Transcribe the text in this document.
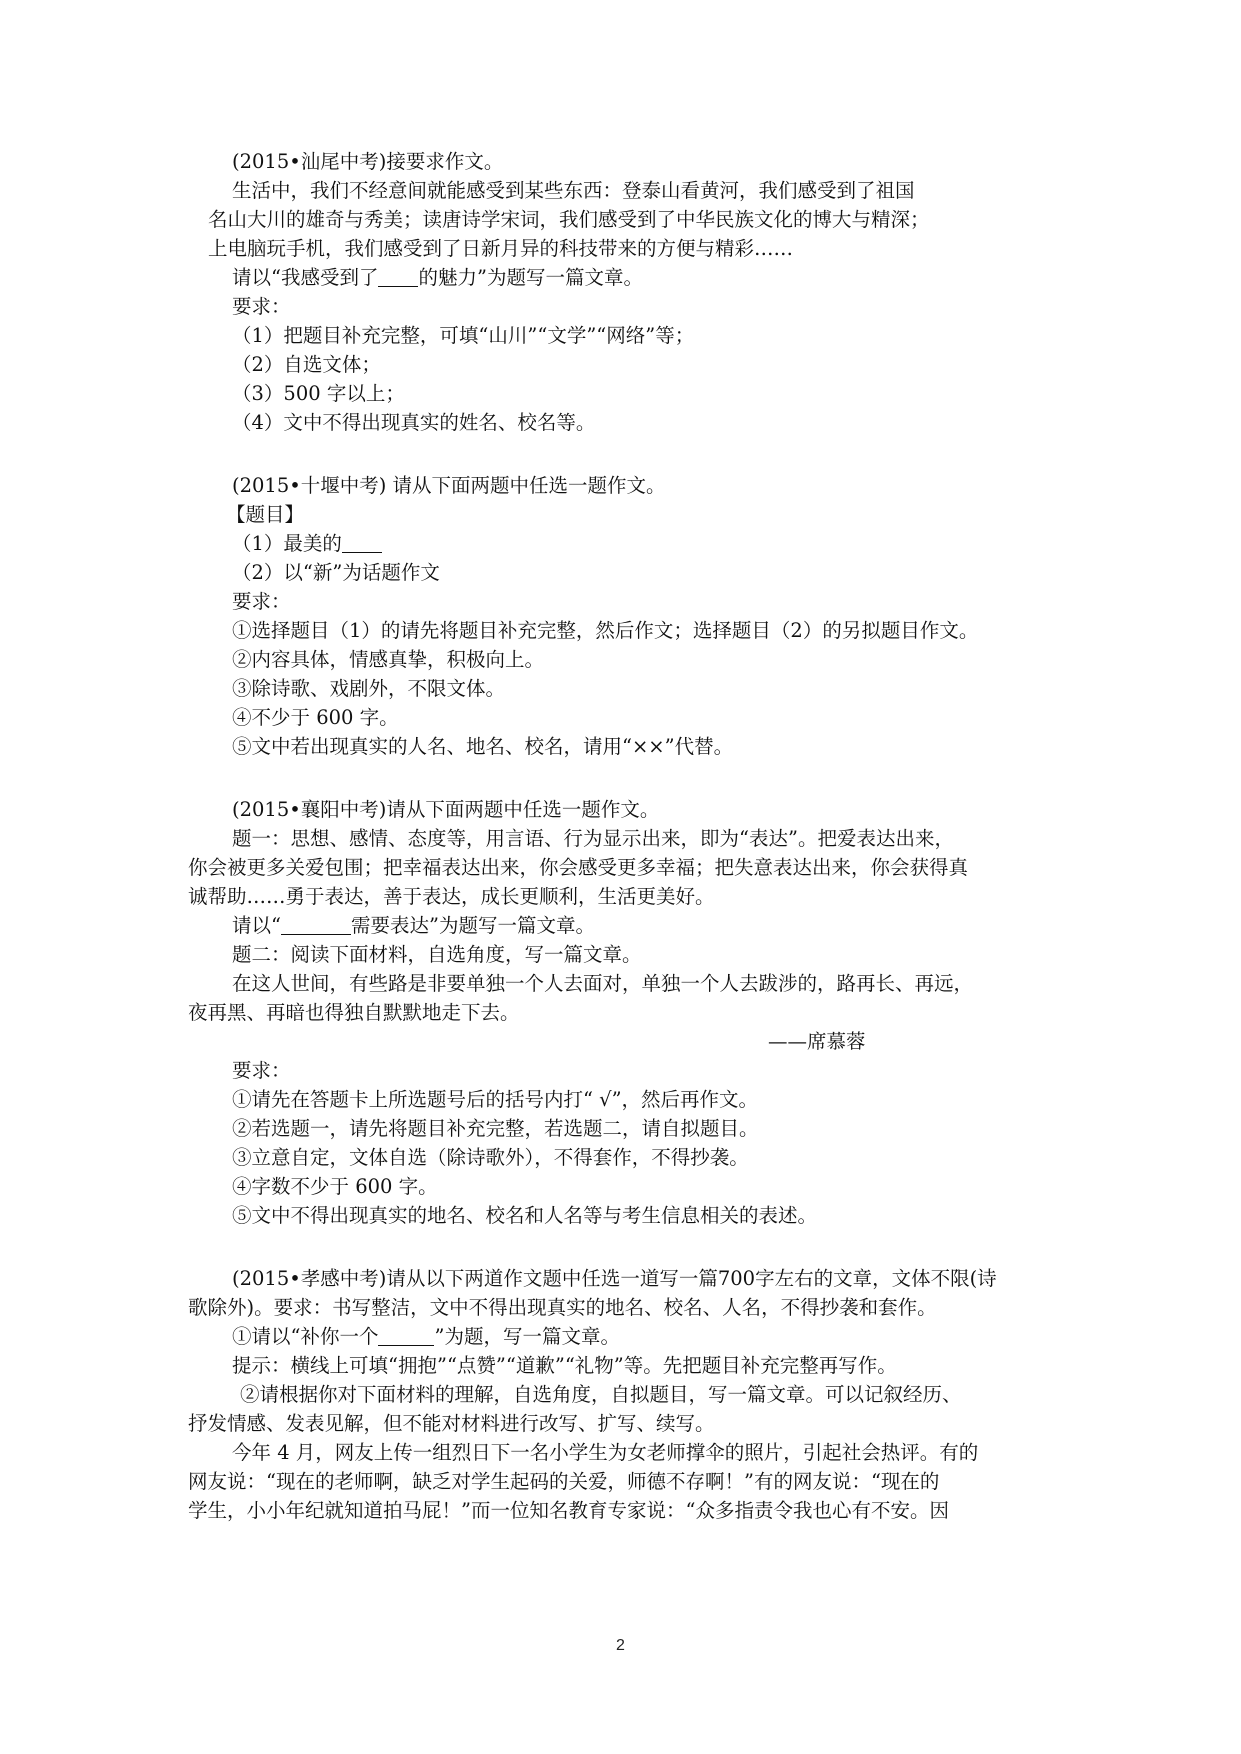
(2015•汕尾中考)接要求作文。
生活中，我们不经意间就能感受到某些东西：登泰山看黄河，我们感受到了祖国
名山大川的雄奇与秀美；读唐诗学宋词，我们感受到了中华民族文化的博大与精深；
上电脑玩手机，我们感受到了日新月异的科技带来的方便与精彩……
请以“我感受到了 的魅力”为题写一篇文章。
要求：
（1）把题目补充完整，可填“山川”“文学”“网络”等；
（2）自选文体；
（3）500 字以上；
（4）文中不得出现真实的姓名、校名等。
(2015•十堰中考) 请从下面两题中任选一题作文。
【题目】
（1）最美的
（2）以“新”为话题作文
要求：
①选择题目（1）的请先将题目补充完整，然后作文；选择题目（2）的另拟题目作文。
②内容具体，情感真挚，积极向上。
③除诗歌、戏剧外，不限文体。
④不少于 600 字。
⑤文中若出现真实的人名、地名、校名，请用“××”代替。
(2015•襄阳中考)请从下面两题中任选一题作文。
题一：思想、感情、态度等，用言语、行为显示出来，即为“表达”。把爱表达出来，
你会被更多关爱包围；把幸福表达出来，你会感受更多幸福；把失意表达出来，你会获得真
诚帮助……勇于表达，善于表达，成长更顺利，生活更美好。
请以“	需要表达”为题写一篇文章。
题二：阅读下面材料，自选角度，写一篇文章。
在这人世间，有些路是非要单独一个人去面对，单独一个人去跋涉的，路再长、再远，
夜再黑、再暗也得独自默默地走下去。
——席慕蓉
要求：
①请先在答题卡上所选题号后的括号内打“ √”，然后再作文。
②若选题一，请先将题目补充完整，若选题二，请自拟题目。
③立意自定，文体自选（除诗歌外），不得套作，不得抄袭。
④字数不少于 600 字。
⑤文中不得出现真实的地名、校名和人名等与考生信息相关的表述。
(2015•孝感中考)请从以下两道作文题中任选一道写一篇700字左右的文章，文体不限(诗
歌除外)。要求：书写整洁，文中不得出现真实的地名、校名、人名，不得抄袭和套作。
①请以“补你一个	”为题，写一篇文章。
提示：横线上可填“拥抱”“点赞”“道歉”“礼物”等。先把题目补充完整再写作。
②请根据你对下面材料的理解，自选角度，自拟题目，写一篇文章。可以记叙经历、
抒发情感、发表见解，但不能对材料进行改写、扩写、续写。
今年 4 月，网友上传一组烈日下一名小学生为女老师撑伞的照片，引起社会热评。有的
网友说：“现在的老师啊，缺乏对学生起码的关爱，师德不存啊！”有的网友说：“现在的
学生，小小年纪就知道拍马屁！”而一位知名教育专家说：“众多指责令我也心有不安。因
2
